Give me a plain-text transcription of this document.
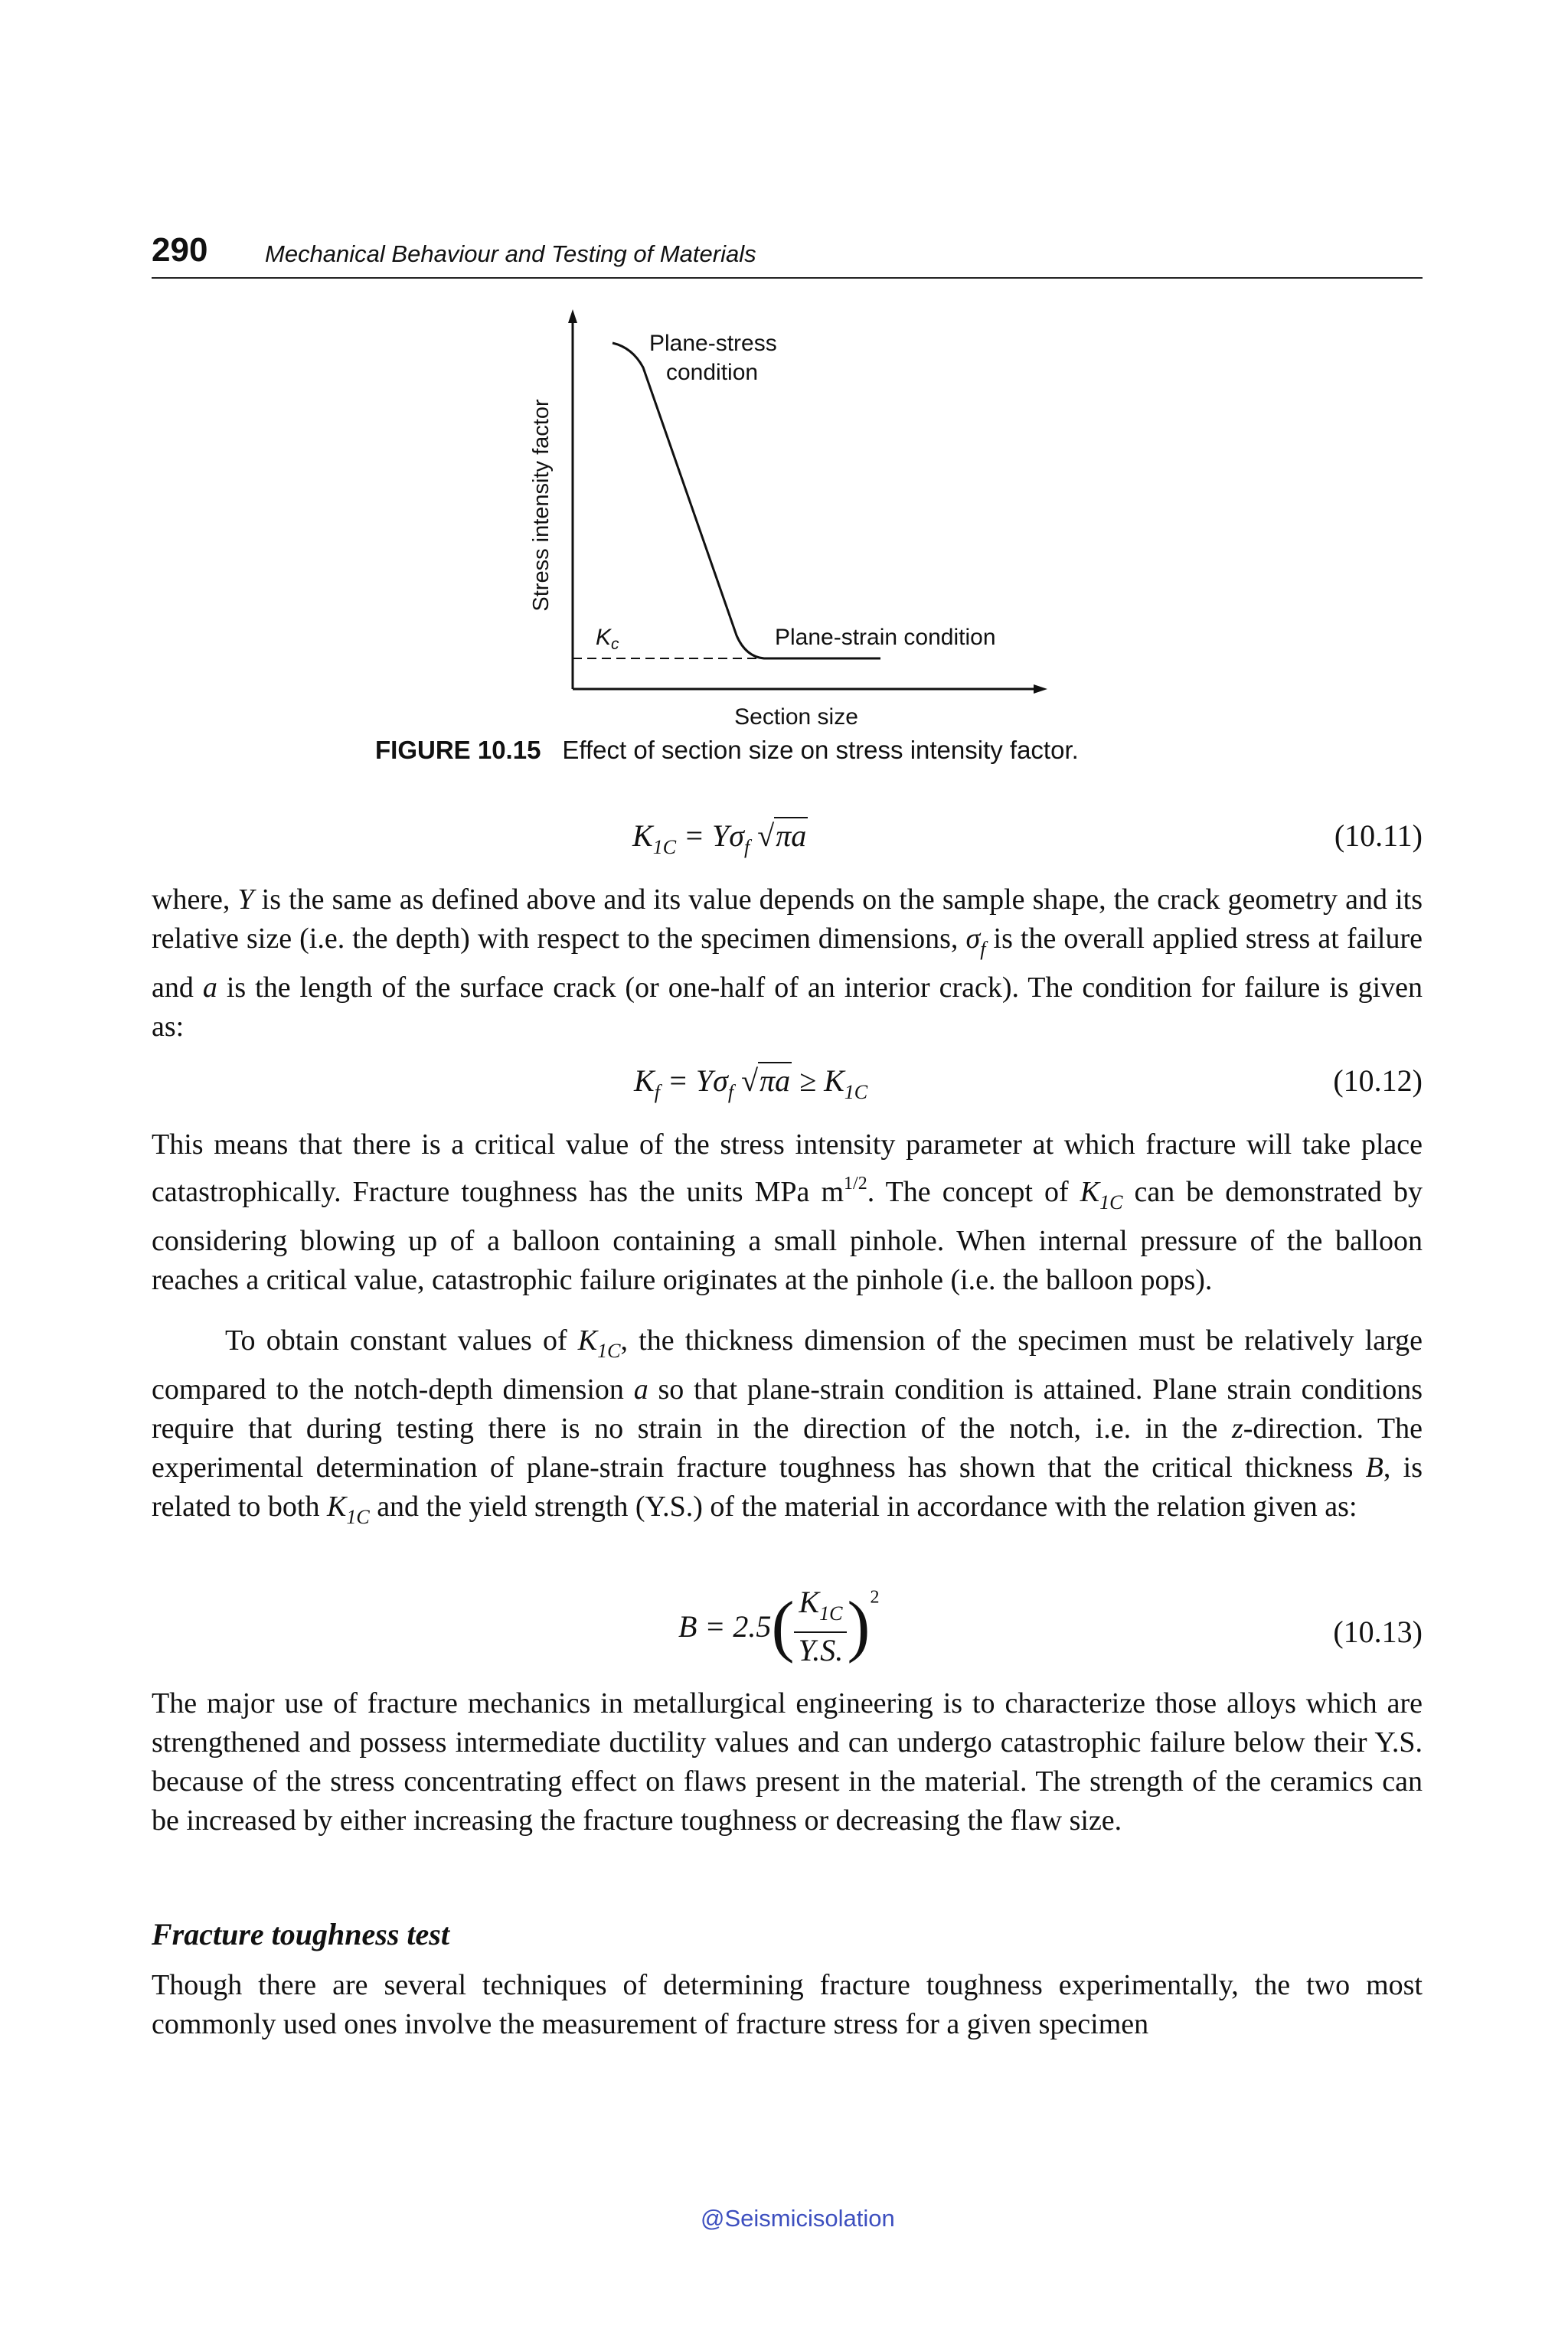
290 Mechanical Behaviour and Testing of Materials
Stress intensity factor
Plane-stress
condition
Plane-strain condition
$K_c$
Section size
FIGURE 10.15 Effect of section size on stress intensity factor.
$K_{1C} = Y\sigma_f$ √πa	(10.11)
where, Y is the same as defined above and its value depends on the sample shape, the crack geometry and its relative size (i.e. the depth) with respect to the specimen dimensions, $\sigma_f$ is the overall applied stress at failure and a is the length of the surface crack (or one-half of an interior crack). The condition for failure is given as:
$K_f = Y\sigma_f$ $√\pi a \ge K_{1C}$	(10.12)
This means that there is a critical value of the stress intensity parameter at which fracture will take place catastrophically. Fracture toughness has the units MPa $m^{1/2}$. The concept of $K_{1C}$ can be demonstrated by considering blowing up of a balloon containing a small pinhole. When internal pressure of the balloon reaches a critical value, catastrophic failure originates at the pinhole (i.e. the balloon pops).
To obtain constant values of $K_{1C}$, the thickness dimension of the specimen must be relatively large compared to the notch-depth dimension a so that plane-strain condition is attained. Plane strain conditions require that during testing there is no strain in the direction of the notch, i.e. in the z-direction. The experimental determination of plane-strain fracture toughness has shown that the critical thickness B, is related to both $K_{1C}$ and the yield strength (Y.S.) of the material in accordance with the relation given as:
$B = 2.5( \frac{K_{1C}}{Y.S.} )^2$
(10.13)
The major use of fracture mechanics in metallurgical engineering is to characterize those alloys which are strengthened and possess intermediate ductility values and can undergo catastrophic failure below their Y.S. because of the stress concentrating effect on flaws present in the material. The strength of the ceramics can be increased by either increasing the fracture toughness or decreasing the flaw size.
Fracture toughness test
Though there are several techniques of determining fracture toughness experimentally, the two most commonly used ones involve the measurement of fracture stress for a given specimen
@Seismicisolation
